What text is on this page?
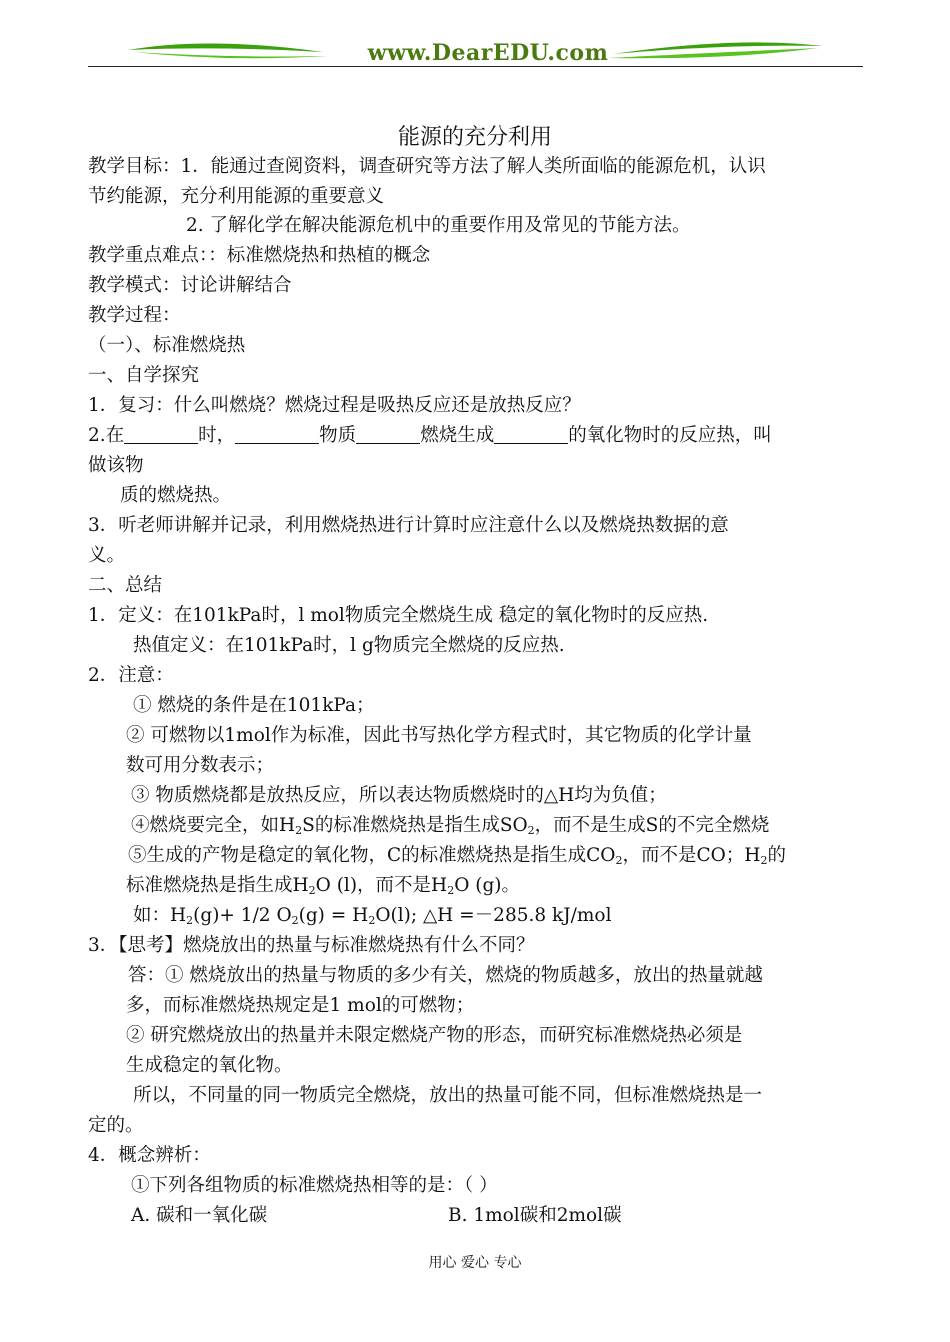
www.DearEDU.com
能源的充分利用
教学目标：1．能通过查阅资料，调查研究等方法了解人类所面临的能源危机，认识
节约能源，充分利用能源的重要意义
2. 了解化学在解决能源危机中的重要作用及常见的节能方法。
教学重点难点：：标准燃烧热和热植的概念
教学模式：讨论讲解结合
教学过程：
（一）、标准燃烧热
一、自学探究
1．复习：什么叫燃烧？燃烧过程是吸热反应还是放热反应？
2.在	时，	物质	燃烧生成	的氧化物时的反应热，叫
做该物
质的燃烧热。
3．听老师讲解并记录，利用燃烧热进行计算时应注意什么以及燃烧热数据的意
义。
二、总结
1．定义：在101kPa时，l mol物质完全燃烧生成 稳定的氧化物时的反应热.
热值定义：在101kPa时，l g物质完全燃烧的反应热.
2．注意：
① 燃烧的条件是在101kPa；
② 可燃物以1mol作为标准，因此书写热化学方程式时，其它物质的化学计量
数可用分数表示；
③ 物质燃烧都是放热反应，所以表达物质燃烧时的△H均为负值；
④燃烧要完全，如$H_2S$的标准燃烧热是指生成$SO_2$，而不是生成S的不完全燃烧
⑤生成的产物是稳定的氧化物，C的标准燃烧热是指生成$CO_2$，而不是CO；$H_2$的
标准燃烧热是指生成$H_2O$ (l)，而不是$H_2O$ (g)。
如：$H_2(g)+ 1/2$ $O_2(g) = H_2O(l)$; △H =－285.8 kJ/mol
3．【思考】燃烧放出的热量与标准燃烧热有什么不同？
答：① 燃烧放出的热量与物质的多少有关，燃烧的物质越多，放出的热量就越
多，而标准燃烧热规定是1 mol的可燃物；
② 研究燃烧放出的热量并未限定燃烧产物的形态，而研究标准燃烧热必须是
生成稳定的氧化物。
所以，不同量的同一物质完全燃烧，放出的热量可能不同，但标准燃烧热是一
定的。
4．概念辨析：
①下列各组物质的标准燃烧热相等的是：（ ）
A. 碳和一氧化碳	B. 1mol碳和2mol碳
用心 爱心 专心
